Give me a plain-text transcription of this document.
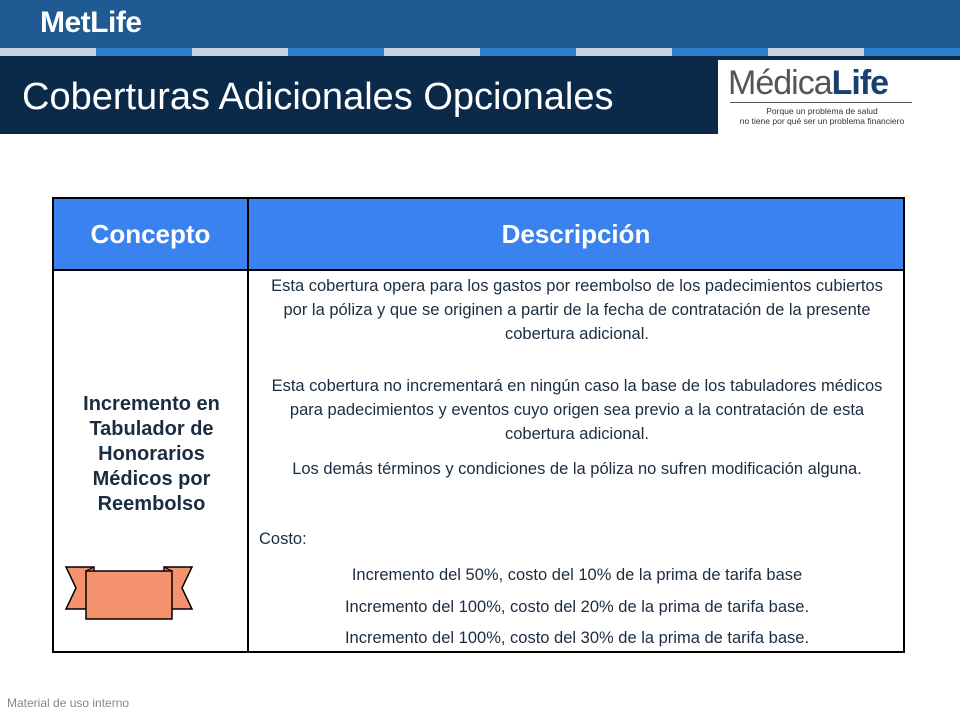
MetLife
Coberturas Adicionales Opcionales	MédicaLife
Porque un problema de salud
no tiene por qué ser un problema financiero
Concepto	Descripción
Incremento en Tabulador de Honorarios Médicos por Reembolso
Esta cobertura opera para los gastos por reembolso de los padecimientos cubiertos por la póliza y que se originen a partir de la fecha de contratación de la presente cobertura adicional.
Esta cobertura no incrementará en ningún caso la base de los tabuladores médicos para padecimientos y eventos cuyo origen sea previo a la contratación de esta cobertura adicional.
Los demás términos y condiciones de la póliza no sufren modificación alguna.
Costo:
Incremento del 50%, costo del 10% de la prima de tarifa base
Incremento del 100%, costo del 20% de la prima de tarifa base.
Incremento del 100%, costo del 30% de la prima de tarifa base.
Material de uso interno
